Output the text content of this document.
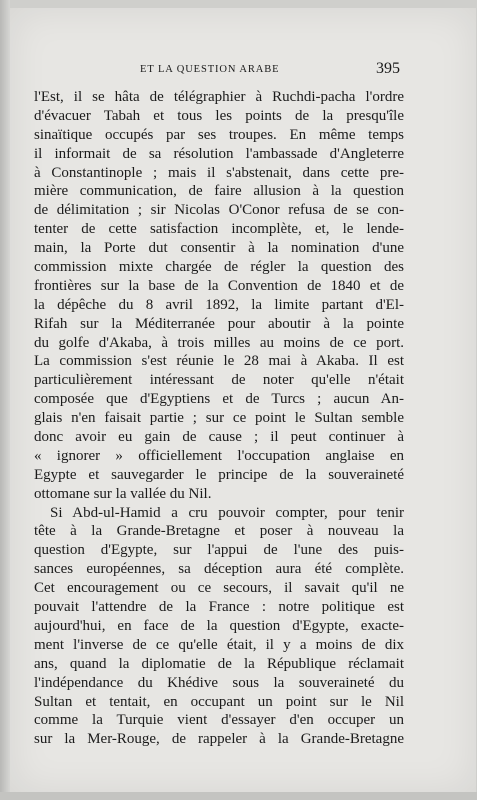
ET LA QUESTION ARABE	395
l'Est, il se hâta de télégraphier à Ruchdi-pacha l'ordre
d'évacuer Tabah et tous les points de la presqu'île
sinaïtique occupés par ses troupes. En même temps
il informait de sa résolution l'ambassade d'Angleterre
à Constantinople ; mais il s'abstenait, dans cette pre-
mière communication, de faire allusion à la question
de délimitation ; sir Nicolas O'Conor refusa de se con-
tenter de cette satisfaction incomplète, et, le lende-
main, la Porte dut consentir à la nomination d'une
commission mixte chargée de régler la question des
frontières sur la base de la Convention de 1840 et de
la dépêche du 8 avril 1892, la limite partant d'El-
Rifah sur la Méditerranée pour aboutir à la pointe
du golfe d'Akaba, à trois milles au moins de ce port.
La commission s'est réunie le 28 mai à Akaba. Il est
particulièrement intéressant de noter qu'elle n'était
composée que d'Egyptiens et de Turcs ; aucun An-
glais n'en faisait partie ; sur ce point le Sultan semble
donc avoir eu gain de cause ; il peut continuer à
« ignorer » officiellement l'occupation anglaise en
Egypte et sauvegarder le principe de la souveraineté
ottomane sur la vallée du Nil.
Si Abd-ul-Hamid a cru pouvoir compter, pour tenir
tête à la Grande-Bretagne et poser à nouveau la
question d'Egypte, sur l'appui de l'une des puis-
sances européennes, sa déception aura été complète.
Cet encouragement ou ce secours, il savait qu'il ne
pouvait l'attendre de la France : notre politique est
aujourd'hui, en face de la question d'Egypte, exacte-
ment l'inverse de ce qu'elle était, il y a moins de dix
ans, quand la diplomatie de la République réclamait
l'indépendance du Khédive sous la souveraineté du
Sultan et tentait, en occupant un point sur le Nil
comme la Turquie vient d'essayer d'en occuper un
sur la Mer-Rouge, de rappeler à la Grande-Bretagne
